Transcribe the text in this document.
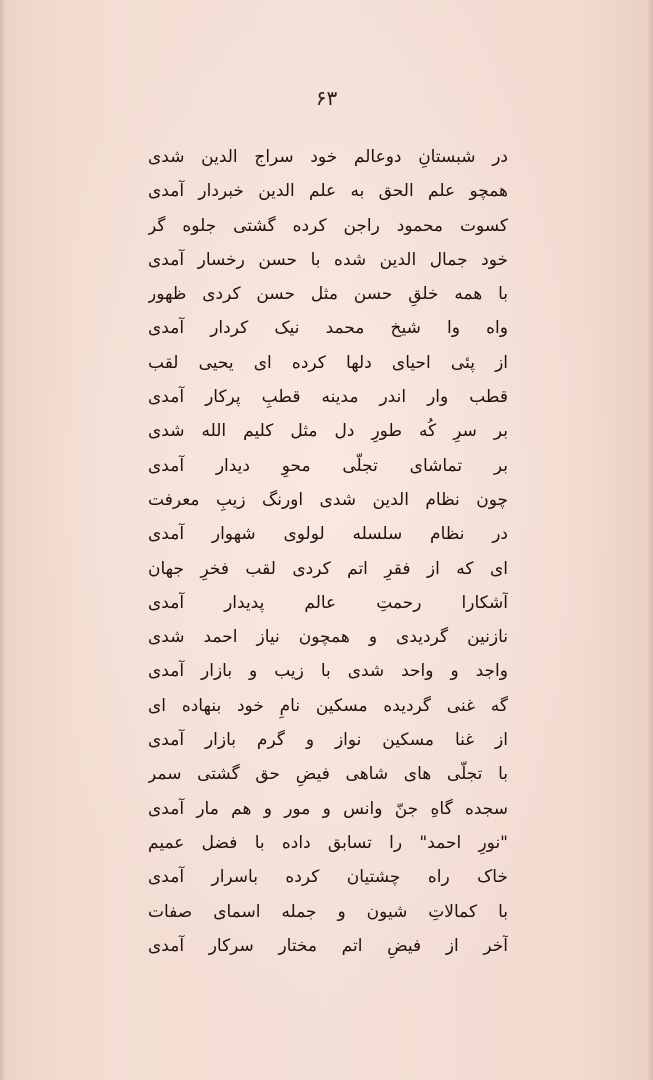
۶۳
در شبستانِ دوعالم خود سراج الدین شدی
همچو علم الحق به علم الدین خبردار آمدی
کسوت محمود راجن کرده گشتی جلوه گر
خود جمال الدین شده با حسن رخسار آمدی
با همه خلقِ حسن مثل حسن کردی ظهور
واه وا شیخ محمد نیک کردار آمدی
از پئی احیای دلها کرده ای یحیی لقب
قطب وار اندر مدینه قطبِ پرکار آمدی
بر سرِ کُه طورِ دل مثل کلیم الله شدی
بر تماشای تجلّی محوِ دیدار آمدی
چون نظام الدین شدی اورنگ زیبِ معرفت
در نظام سلسله لولوی شهوار آمدی
ای که از فقرِ اتم کردی لقب فخرِ جهان
آشکارا رحمتِ عالم پدیدار آمدی
نازنین گردیدی و همچون نیاز احمد شدی
واجد و واحد شدی با زیب و بازار آمدی
گه غنی گردیده مسکین نامِ خود بنهاده ای
از غنا مسکین نواز و گرم بازار آمدی
با تجلّی های شاهی فیضِ حق گشتی سمر
سجده گاهِ جنّ وانس و مور و هم مار آمدی
"نورِ احمد" را تسابق داده با فضل عمیم
خاک راه چشتیان کرده باسرار آمدی
با کمالاتِ شیون و جمله اسمای صفات
آخر از فیضِ اتم مختار سرکار آمدی
